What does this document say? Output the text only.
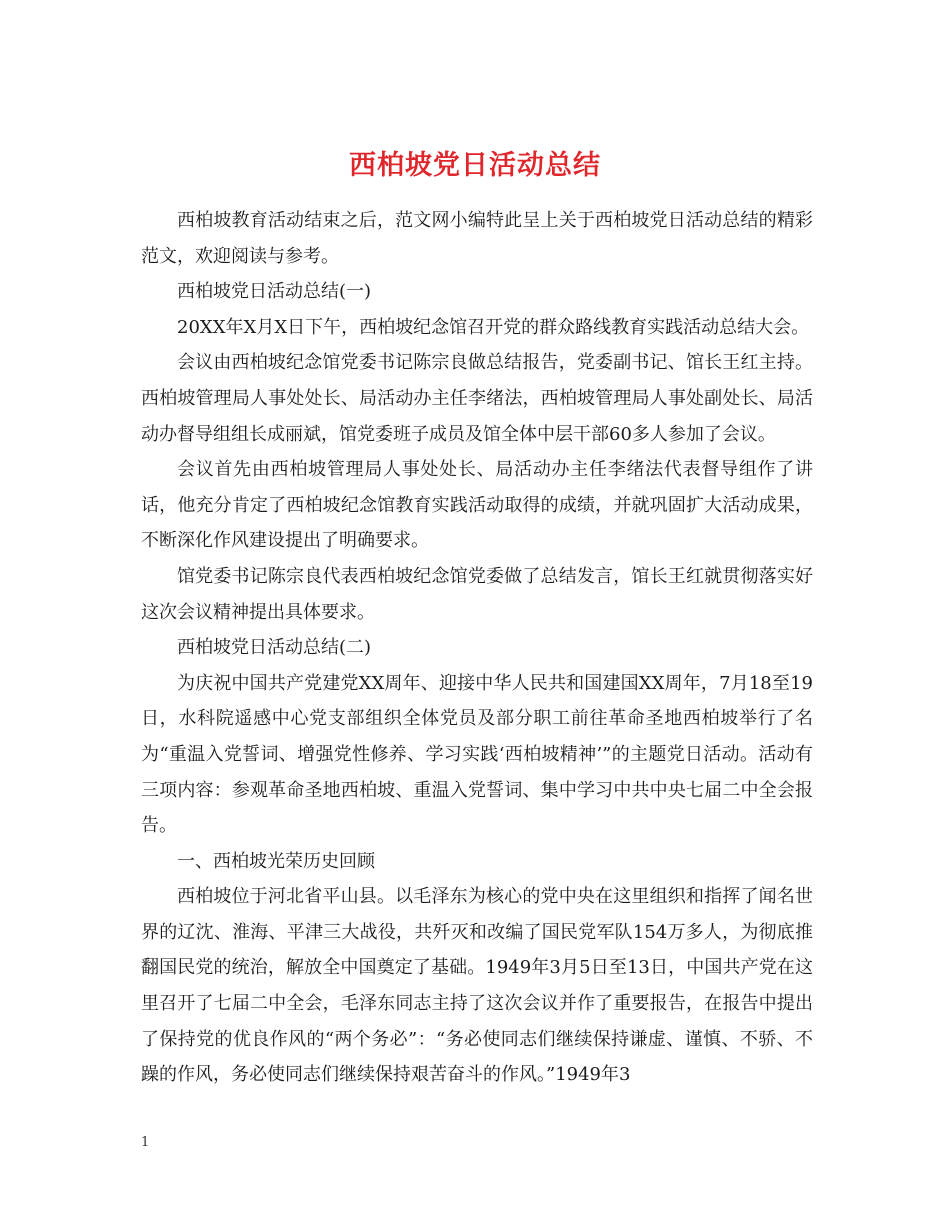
西柏坡党日活动总结

西柏坡教育活动结束之后，范文网小编特此呈上关于西柏坡党日活动总结的精彩范文，欢迎阅读与参考。

西柏坡党日活动总结(一)

20XX年X月X日下午，西柏坡纪念馆召开党的群众路线教育实践活动总结大会。

会议由西柏坡纪念馆党委书记陈宗良做总结报告，党委副书记、馆长王红主持。西柏坡管理局人事处处长、局活动办主任李绪法，西柏坡管理局人事处副处长、局活动办督导组组长成丽斌，馆党委班子成员及馆全体中层干部60多人参加了会议。

会议首先由西柏坡管理局人事处处长、局活动办主任李绪法代表督导组作了讲话，他充分肯定了西柏坡纪念馆教育实践活动取得的成绩，并就巩固扩大活动成果，不断深化作风建设提出了明确要求。

馆党委书记陈宗良代表西柏坡纪念馆党委做了总结发言，馆长王红就贯彻落实好这次会议精神提出具体要求。

西柏坡党日活动总结(二)

为庆祝中国共产党建党XX周年、迎接中华人民共和国建国XX周年，7月18至19日，水科院遥感中心党支部组织全体党员及部分职工前往革命圣地西柏坡举行了名为“重温入党誓词、增强党性修养、学习实践‘西柏坡精神’”的主题党日活动。活动有三项内容：参观革命圣地西柏坡、重温入党誓词、集中学习中共中央七届二中全会报告。

一、西柏坡光荣历史回顾

西柏坡位于河北省平山县。以毛泽东为核心的党中央在这里组织和指挥了闻名世界的辽沈、淮海、平津三大战役，共歼灭和改编了国民党军队154万多人，为彻底推翻国民党的统治，解放全中国奠定了基础。1949年3月5日至13日，中国共产党在这里召开了七届二中全会，毛泽东同志主持了这次会议并作了重要报告，在报告中提出了保持党的优良作风的“两个务必”：“务必使同志们继续保持谦虚、谨慎、不骄、不躁的作风，务必使同志们继续保持艰苦奋斗的作风。”1949年3

1
